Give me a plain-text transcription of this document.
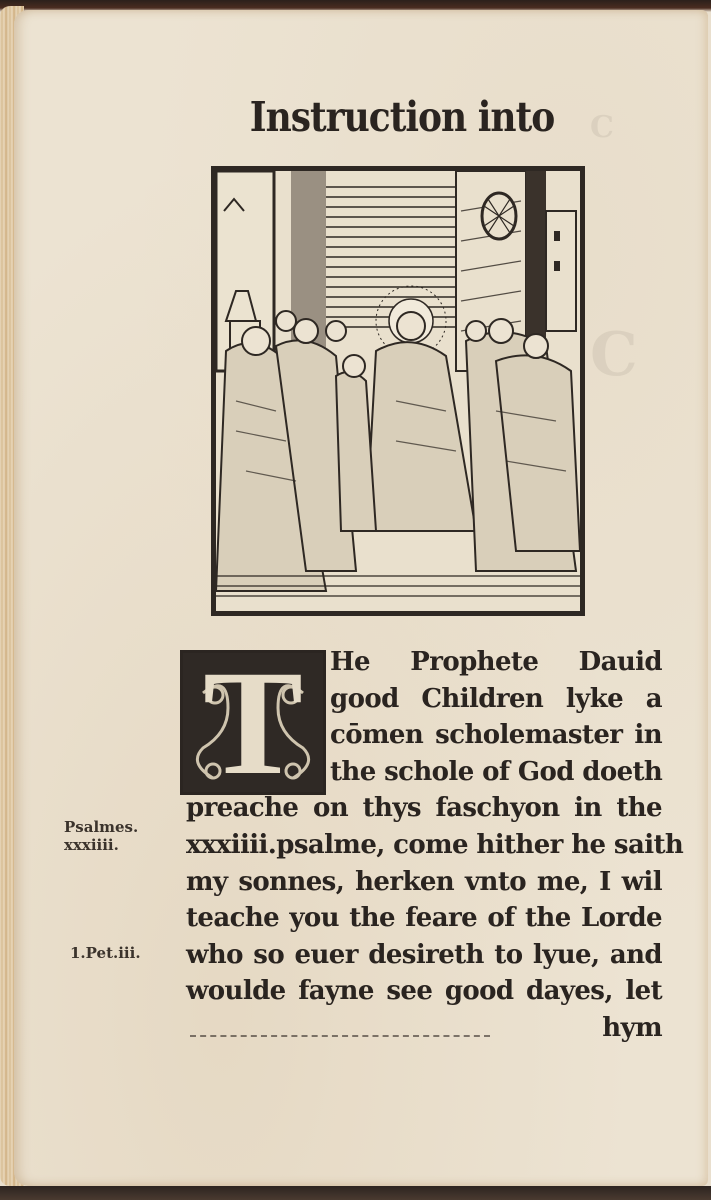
C
C
Instruction into
T	He Prophete Dauid
good Children lyke a
cōmen scholemaster in
the schole of God doeth
preache on thys faschyon in the
xxxiiii.psalme, come hither he saith
my sonnes, herken vnto me, I wil
teache you the feare of the Lorde
who so euer desireth to lyue, and
woulde fayne see good dayes, let
hym
Psalmes.
xxxiiii.
1.Pet.iii.
